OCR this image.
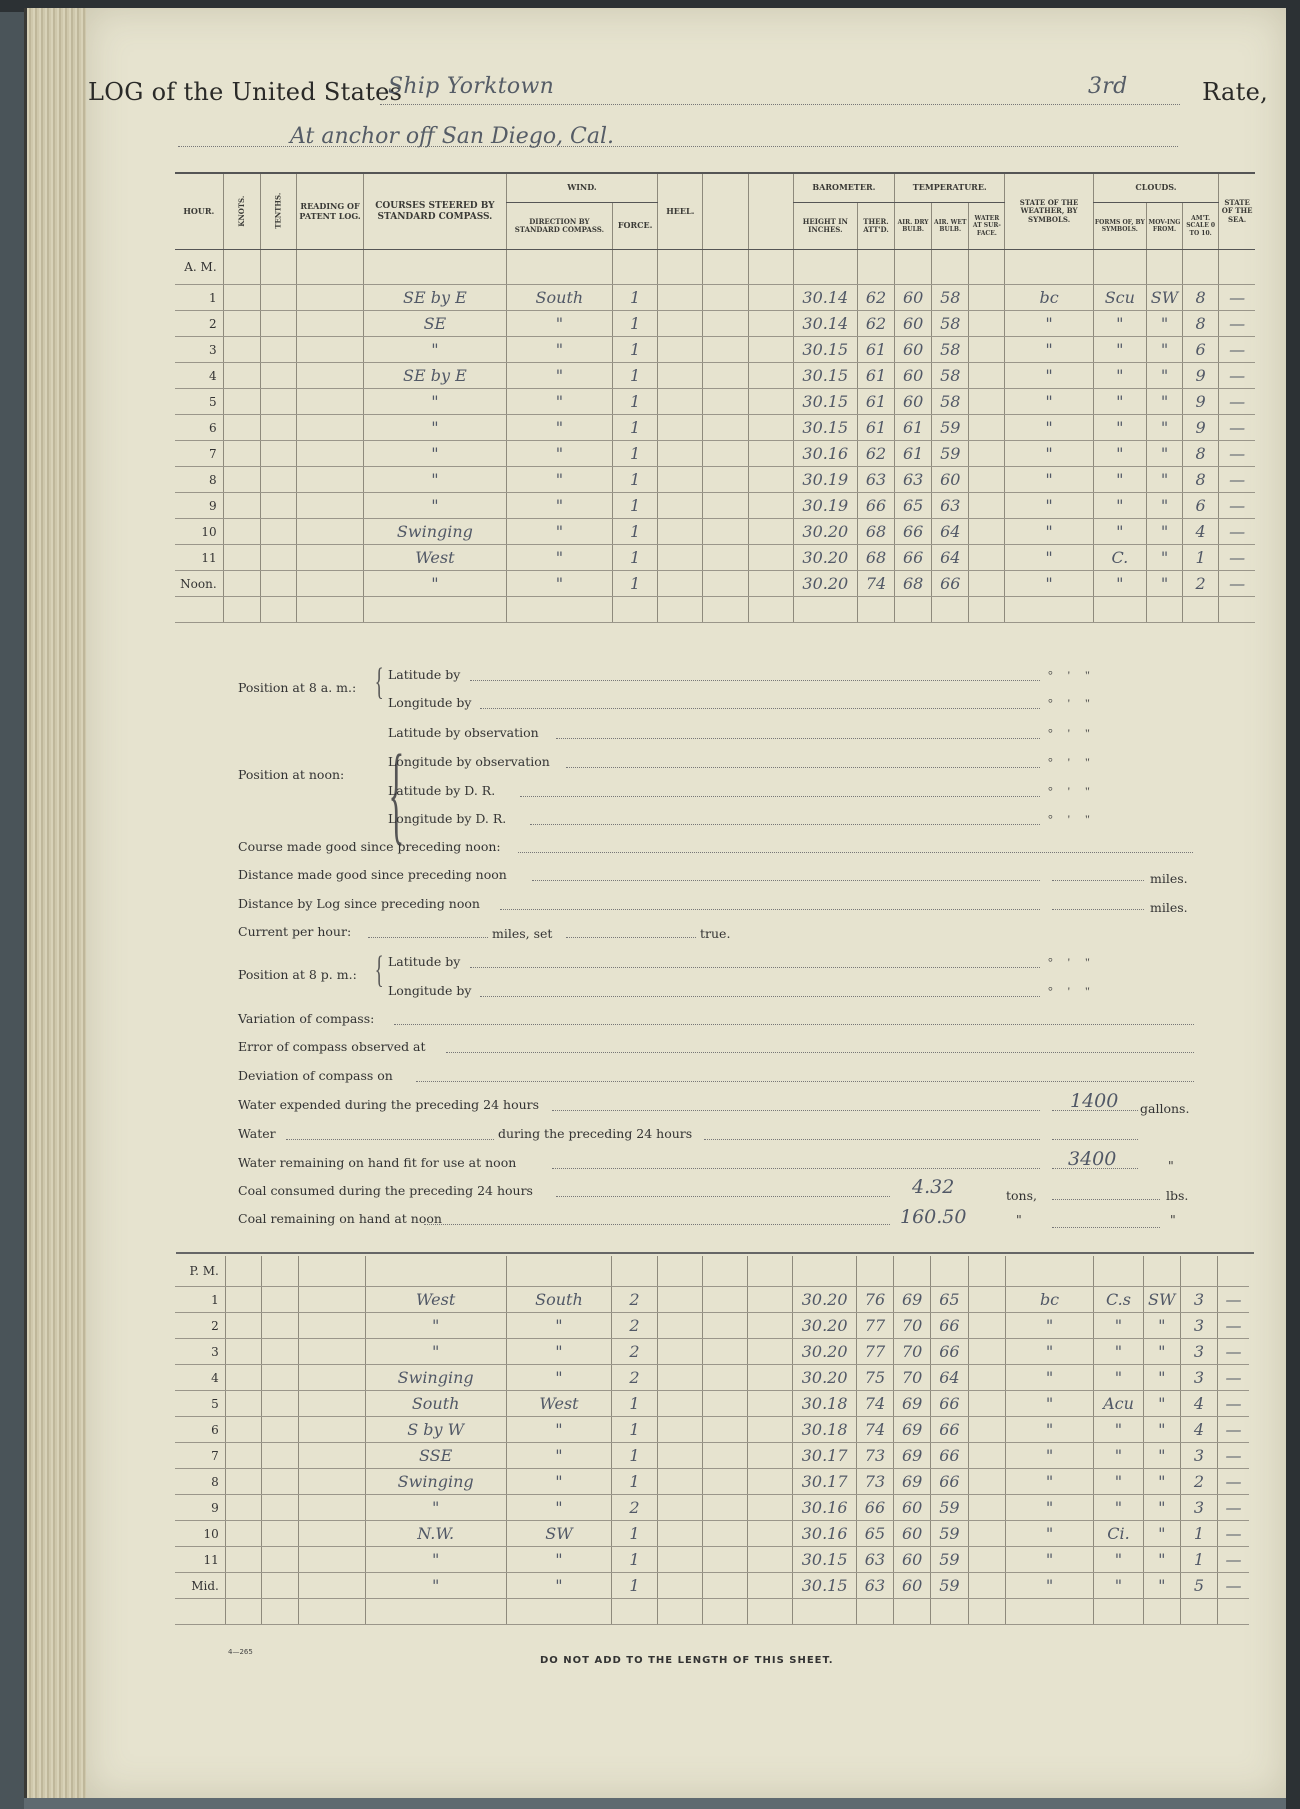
LOG of the United States
Ship Yorktown	3rd	Rate,
At anchor off San Diego, Cal.
HOUR.	KNOTS.	TENTHS.	READING OF PATENT LOG.	COURSES STEERED BY STANDARD COMPASS.	WIND.		HEEL.			BAROMETER.		TEMPERATURE.			STATE OF THE WEATHER, BY SYMBOLS.	CLOUDS.			STATE OF THE SEA.
					DIRECTION BY STANDARD COMPASS.	FORCE.				HEIGHT IN INCHES.	THER. ATT'D.	AIR. DRY BULB.	AIR. WET BULB.	WATER AT SUR-FACE.		FORMS OF, BY SYMBOLS.	MOV-ING FROM.	AM'T. SCALE 0 TO 10.	
A. M.																			
1				SE by E	South	1				30.14	62	60	58		bc	Scu	SW	8	—
2				SE	"	1				30.14	62	60	58		"	"	"	8	—
3				"	"	1				30.15	61	60	58		"	"	"	6	—
4				SE by E	"	1				30.15	61	60	58		"	"	"	9	—
5				"	"	1				30.15	61	60	58		"	"	"	9	—
6				"	"	1				30.15	61	61	59		"	"	"	9	—
7				"	"	1				30.16	62	61	59		"	"	"	8	—
8				"	"	1				30.19	63	63	60		"	"	"	8	—
9				"	"	1				30.19	66	65	63		"	"	"	6	—
10				Swinging	"	1				30.20	68	66	64		"	"	"	4	—
11				West	"	1				30.20	68	66	64		"	C.	"	1	—
Noon.				"	"	1				30.20	74	68	66		"	"	"	2	—

Position at 8 a. m.: { Latitude by
Longitude by
{
Latitude by observation
Position at noon:
Longitude by observation
Latitude by D. R.
Longitude by D. R.
Course made good since preceding noon:
Distance made good since preceding noon	miles.
Distance by Log since preceding noon	miles.
Current per hour:	miles, set	true.
Position at 8 p. m.: { Latitude by
Longitude by
Variation of compass:
Error of compass observed at
Deviation of compass on
Water expended during the preceding 24 hours	1400 gallons.
Water	during the preceding 24 hours
Water remaining on hand fit for use at noon	3400	"
Coal consumed during the preceding 24 hours	4.32	tons,	lbs.
Coal remaining on hand at noon	160.50	"	"
P. M.																			
1				West	South	2				30.20	76	69	65		bc	C.s	SW	3	—
2				"	"	2				30.20	77	70	66		"	"	"	3	—
3				"	"	2				30.20	77	70	66		"	"	"	3	—
4				Swinging	"	2				30.20	75	70	64		"	"	"	3	—
5				South	West	1				30.18	74	69	66		"	Acu	"	4	—
6				S by W	"	1				30.18	74	69	66		"	"	"	4	—
7				SSE	"	1				30.17	73	69	66		"	"	"	3	—
8				Swinging	"	1				30.17	73	69	66		"	"	"	2	—
9				"	"	2				30.16	66	60	59		"	"	"	3	—
10				N.W.	SW	1				30.16	65	60	59		"	Ci.	"	1	—
11				"	"	1				30.15	63	60	59		"	"	"	1	—
Mid.				"	"	1				30.15	63	60	59		"	"	"	5	—

4—265
DO NOT ADD TO THE LENGTH OF THIS SHEET.
° ' "
° ' "
° ' "
° ' "
° ' "
° ' "
° ' "
° ' "
